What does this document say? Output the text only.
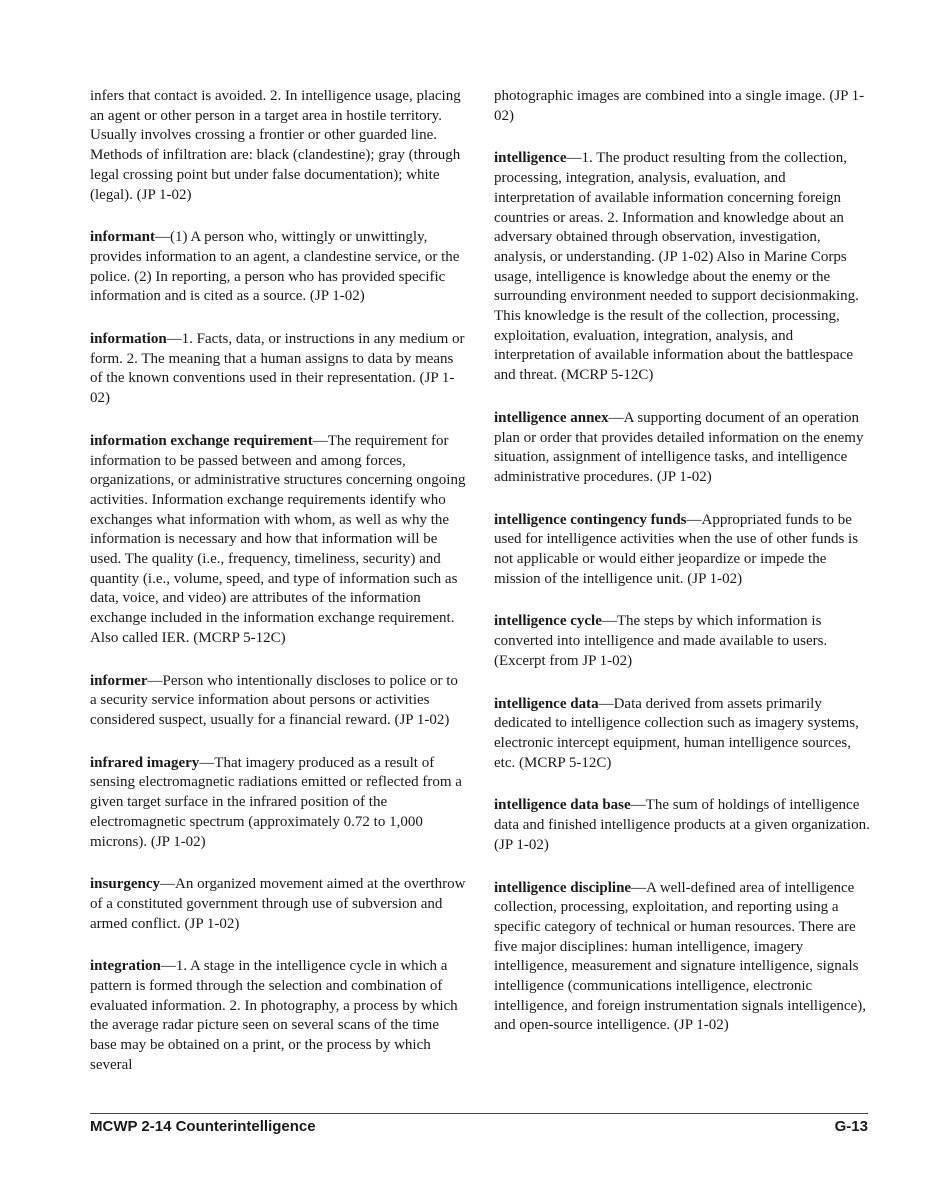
infers that contact is avoided. 2. In intelligence usage, placing an agent or other person in a target area in hostile territory. Usually involves crossing a frontier or other guarded line. Methods of infiltration are: black (clandestine); gray (through legal crossing point but under false documentation); white (legal). (JP 1-02)

informant—(1) A person who, wittingly or unwittingly, provides information to an agent, a clandestine service, or the police. (2) In reporting, a person who has provided specific information and is cited as a source. (JP 1-02)

information—1. Facts, data, or instructions in any medium or form. 2. The meaning that a human assigns to data by means of the known conventions used in their representation. (JP 1-02)

information exchange requirement—The requirement for information to be passed between and among forces, organizations, or administrative structures concerning ongoing activities. Information exchange requirements identify who exchanges what information with whom, as well as why the information is necessary and how that information will be used. The quality (i.e., frequency, timeliness, security) and quantity (i.e., volume, speed, and type of information such as data, voice, and video) are attributes of the information exchange included in the information exchange requirement. Also called IER. (MCRP 5-12C)

informer—Person who intentionally discloses to police or to a security service information about persons or activities considered suspect, usually for a financial reward. (JP 1-02)

infrared imagery—That imagery produced as a result of sensing electromagnetic radiations emitted or reflected from a given target surface in the infrared position of the electromagnetic spectrum (approximately 0.72 to 1,000 microns). (JP 1-02)

insurgency—An organized movement aimed at the overthrow of a constituted government through use of subversion and armed conflict. (JP 1-02)

integration—1. A stage in the intelligence cycle in which a pattern is formed through the selection and combination of evaluated information. 2. In photography, a process by which the average radar picture seen on several scans of the time base may be obtained on a print, or the process by which several

photographic images are combined into a single image. (JP 1-02)

intelligence—1. The product resulting from the collection, processing, integration, analysis, evaluation, and interpretation of available information concerning foreign countries or areas. 2. Information and knowledge about an adversary obtained through observation, investigation, analysis, or understanding. (JP 1-02) Also in Marine Corps usage, intelligence is knowledge about the enemy or the surrounding environment needed to support decisionmaking. This knowledge is the result of the collection, processing, exploitation, evaluation, integration, analysis, and interpretation of available information about the battlespace and threat. (MCRP 5-12C)

intelligence annex—A supporting document of an operation plan or order that provides detailed information on the enemy situation, assignment of intelligence tasks, and intelligence administrative procedures. (JP 1-02)

intelligence contingency funds—Appropriated funds to be used for intelligence activities when the use of other funds is not applicable or would either jeopardize or impede the mission of the intelligence unit. (JP 1-02)

intelligence cycle—The steps by which information is converted into intelligence and made available to users. (Excerpt from JP 1-02)

intelligence data—Data derived from assets primarily dedicated to intelligence collection such as imagery systems, electronic intercept equipment, human intelligence sources, etc. (MCRP 5-12C)

intelligence data base—The sum of holdings of intelligence data and finished intelligence products at a given organization. (JP 1-02)

intelligence discipline—A well-defined area of intelligence collection, processing, exploitation, and reporting using a specific category of technical or human resources. There are five major disciplines: human intelligence, imagery intelligence, measurement and signature intelligence, signals intelligence (communications intelligence, electronic intelligence, and foreign instrumentation signals intelligence), and open-source intelligence. (JP 1-02)

MCWP 2-14 Counterintelligence	G-13
